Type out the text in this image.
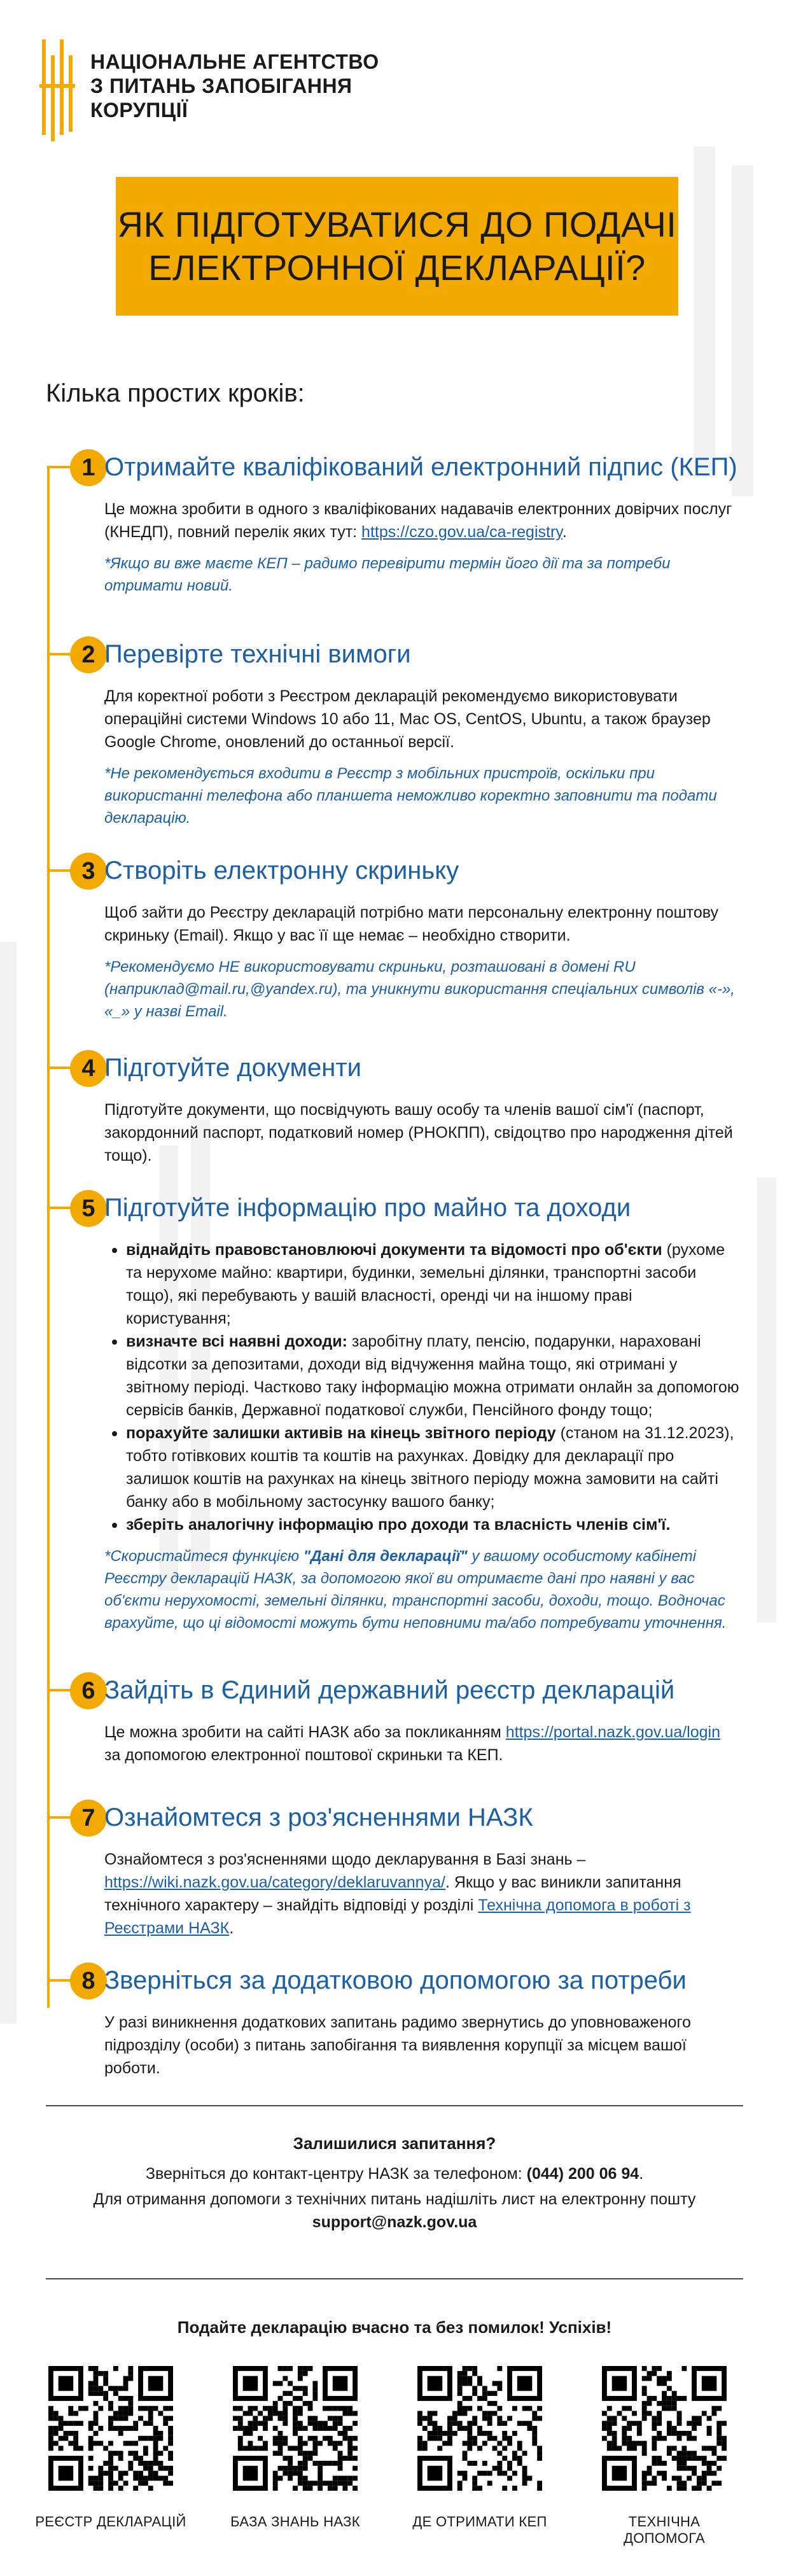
НАЦІОНАЛЬНЕ АГЕНТСТВО
З ПИТАНЬ ЗАПОБІГАННЯ
КОРУПЦІЇ
ЯК ПІДГОТУВАТИСЯ ДО ПОДАЧІ
ЕЛЕКТРОННОЇ ДЕКЛАРАЦІЇ?
Кілька простих кроків:
1 Отримайте кваліфікований електронний підпис (КЕП)
Це можна зробити в одного з кваліфікованих надавачів електронних довірчих послуг (КНЕДП), повний перелік яких тут: https://czo.gov.ua/ca-registry.
*Якщо ви вже маєте КЕП – радимо перевірити термін його дії та за потреби отримати новий.
2 Перевірте технічні вимоги
Для коректної роботи з Реєстром декларацій рекомендуємо використовувати операційні системи Windows 10 або 11, Mac OS, CentOS, Ubuntu, а також браузер Google Chrome, оновлений до останньої версії.
*Не рекомендується входити в Реєстр з мобільних пристроїв, оскільки при використанні телефона або планшета неможливо коректно заповнити та подати декларацію.
3 Створіть електронну скриньку
Щоб зайти до Реєстру декларацій потрібно мати персональну електронну поштову скриньку (Email). Якщо у вас її ще немає – необхідно створити.
*Рекомендуємо НЕ використовувати скриньки, розташовані в домені RU (наприклад@mail.ru,@yandex.ru), та уникнути використання спеціальних символів «-», «_» у назві Email.
4 Підготуйте документи
Підготуйте документи, що посвідчують вашу особу та членів вашої сім'ї (паспорт, закордонний паспорт, податковий номер (РНОКПП), свідоцтво про народження дітей тощо).
5 Підготуйте інформацію про майно та доходи
віднайдіть правовстановлюючі документи та відомості про об'єкти (рухоме та нерухоме майно: квартири, будинки, земельні ділянки, транспортні засоби тощо), які перебувають у вашій власності, оренді чи на іншому праві користування;
визначте всі наявні доходи: заробітну плату, пенсію, подарунки, нараховані відсотки за депозитами, доходи від відчуження майна тощо, які отримані у звітному періоді. Частково таку інформацію можна отримати онлайн за допомогою сервісів банків, Державної податкової служби, Пенсійного фонду тощо;
порахуйте залишки активів на кінець звітного періоду (станом на 31.12.2023), тобто готівкових коштів та коштів на рахунках. Довідку для декларації про залишок коштів на рахунках на кінець звітного періоду можна замовити на сайті банку або в мобільному застосунку вашого банку;
зберіть аналогічну інформацію про доходи та власність членів сім'ї.
*Скористайтеся функцією "Дані для декларації" у вашому особистому кабінеті Реєстру декларацій НАЗК, за допомогою якої ви отримаєте дані про наявні у вас об'єкти нерухомості, земельні ділянки, транспортні засоби, доходи, тощо. Водночас врахуйте, що ці відомості можуть бути неповними та/або потребувати уточнення.
6 Зайдіть в Єдиний державний реєстр декларацій
Це можна зробити на сайті НАЗК або за покликанням https://portal.nazk.gov.ua/login за допомогою електронної поштової скриньки та КЕП.
7 Ознайомтеся з роз'ясненнями НАЗК
Ознайомтеся з роз'ясненнями щодо декларування в Базі знань – https://wiki.nazk.gov.ua/category/deklaruvannya/. Якщо у вас виникли запитання технічного характеру – знайдіть відповіді у розділі Технічна допомога в роботі з Реєстрами НАЗК.
8 Зверніться за додатковою допомогою за потреби
У разі виникнення додаткових запитань радимо звернутись до уповноваженого підрозділу (особи) з питань запобігання та виявлення корупції за місцем вашої роботи.
Залишилися запитання?
Зверніться до контакт-центру НАЗК за телефоном: (044) 200 06 94.
Для отримання допомоги з технічних питань надішліть лист на електронну пошту
support@nazk.gov.ua
Подайте декларацію вчасно та без помилок! Успіхів!
РЕЄСТР ДЕКЛАРАЦІЙ	БАЗА ЗНАНЬ НАЗК	ДЕ ОТРИМАТИ КЕП	ТЕХНІЧНА ДОПОМОГА
